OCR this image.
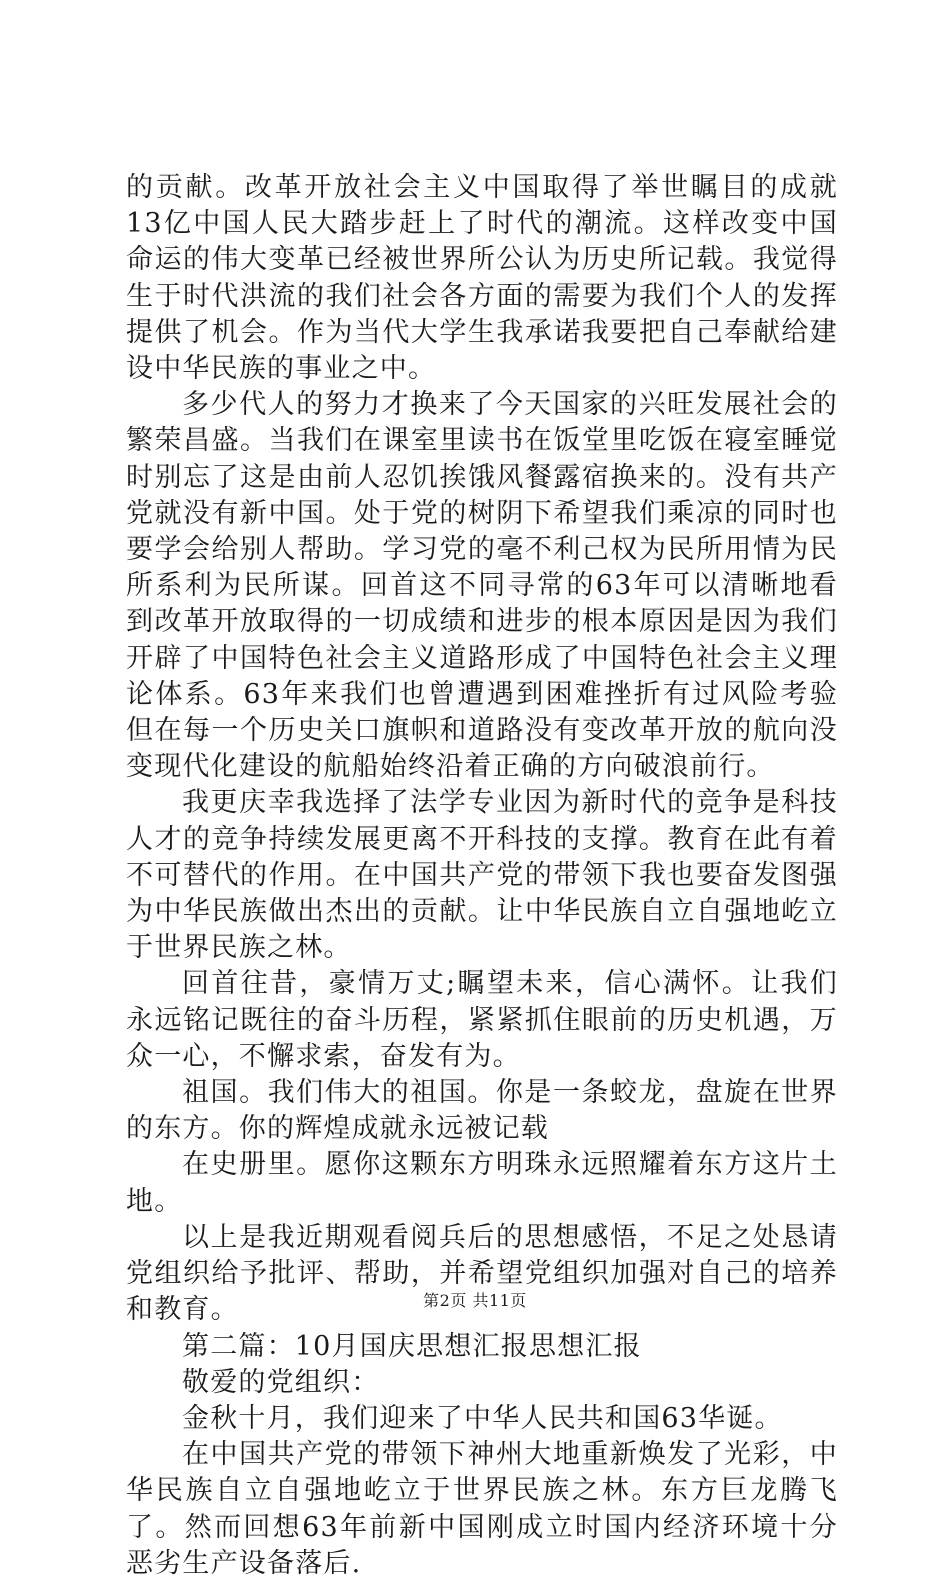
的贡献。改革开放社会主义中国取得了举世瞩目的成就13亿中国人民大踏步赶上了时代的潮流。这样改变中国命运的伟大变革已经被世界所公认为历史所记载。我觉得生于时代洪流的我们社会各方面的需要为我们个人的发挥提供了机会。作为当代大学生我承诺我要把自己奉献给建设中华民族的事业之中。

多少代人的努力才换来了今天国家的兴旺发展社会的繁荣昌盛。当我们在课室里读书在饭堂里吃饭在寝室睡觉时别忘了这是由前人忍饥挨饿风餐露宿换来的。没有共产党就没有新中国。处于党的树阴下希望我们乘凉的同时也要学会给别人帮助。学习党的毫不利己权为民所用情为民所系利为民所谋。回首这不同寻常的63年可以清晰地看到改革开放取得的一切成绩和进步的根本原因是因为我们开辟了中国特色社会主义道路形成了中国特色社会主义理论体系。63年来我们也曾遭遇到困难挫折有过风险考验但在每一个历史关口旗帜和道路没有变改革开放的航向没变现代化建设的航船始终沿着正确的方向破浪前行。

我更庆幸我选择了法学专业因为新时代的竞争是科技人才的竞争持续发展更离不开科技的支撑。教育在此有着不可替代的作用。在中国共产党的带领下我也要奋发图强为中华民族做出杰出的贡献。让中华民族自立自强地屹立于世界民族之林。

回首往昔，豪情万丈;瞩望未来，信心满怀。让我们永远铭记既往的奋斗历程，紧紧抓住眼前的历史机遇，万众一心，不懈求索，奋发有为。

祖国。我们伟大的祖国。你是一条蛟龙，盘旋在世界的东方。你的辉煌成就永远被记载

在史册里。愿你这颗东方明珠永远照耀着东方这片土地。

以上是我近期观看阅兵后的思想感悟，不足之处恳请党组织给予批评、帮助，并希望党组织加强对自己的培养和教育。

第二篇：10月国庆思想汇报思想汇报

敬爱的党组织：

金秋十月，我们迎来了中华人民共和国63华诞。

在中国共产党的带领下神州大地重新焕发了光彩，中华民族自立自强地屹立于世界民族之林。东方巨龙腾飞了。然而回想63年前新中国刚成立时国内经济环境十分恶劣生产设备落后.

第2页 共11页
